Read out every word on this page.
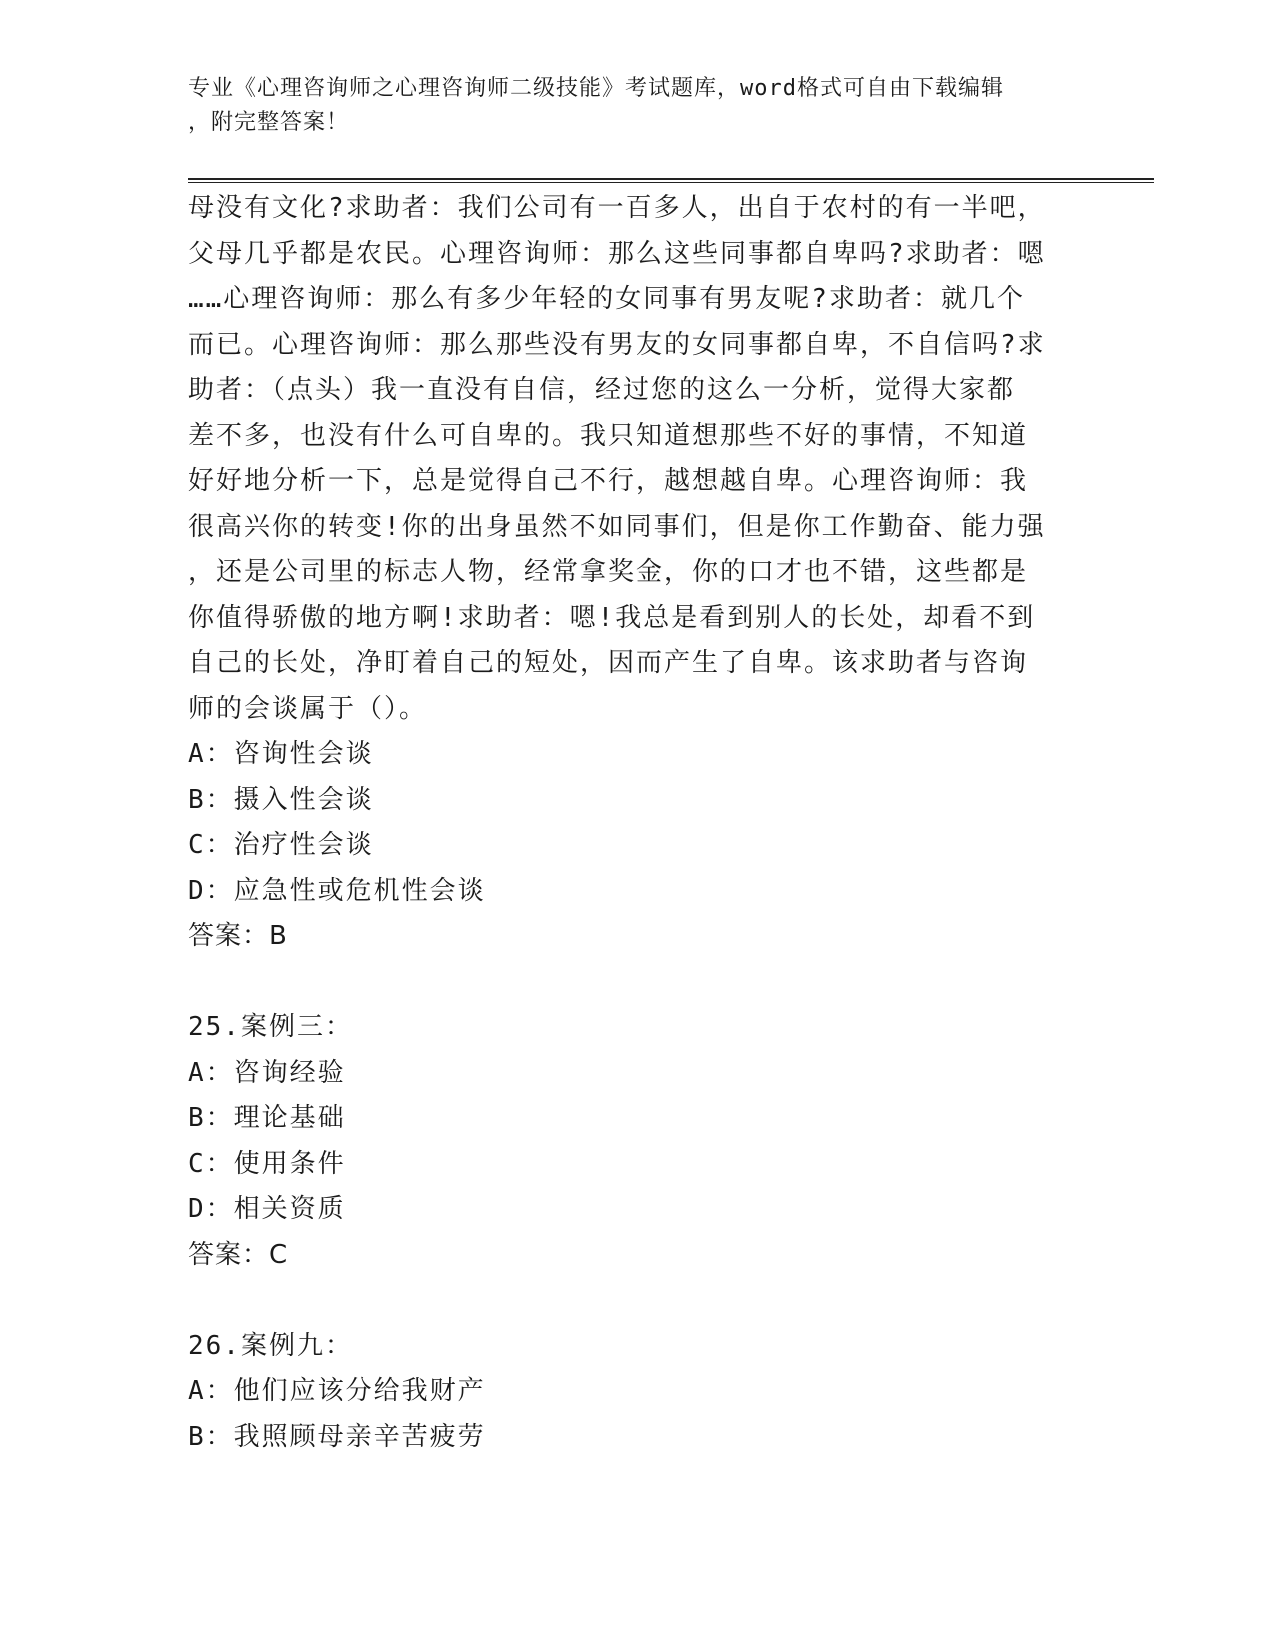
专业《心理咨询师之心理咨询师二级技能》考试题库，word格式可自由下载编辑
，附完整答案！
母没有文化?求助者：我们公司有一百多人，出自于农村的有一半吧，
父母几乎都是农民。心理咨询师：那么这些同事都自卑吗?求助者：嗯
……心理咨询师：那么有多少年轻的女同事有男友呢?求助者：就几个
而已。心理咨询师：那么那些没有男友的女同事都自卑，不自信吗?求
助者：（点头）我一直没有自信，经过您的这么一分析，觉得大家都
差不多，也没有什么可自卑的。我只知道想那些不好的事情，不知道
好好地分析一下，总是觉得自己不行，越想越自卑。心理咨询师：我
很高兴你的转变!你的出身虽然不如同事们，但是你工作勤奋、能力强
，还是公司里的标志人物，经常拿奖金，你的口才也不错，这些都是
你值得骄傲的地方啊!求助者：嗯!我总是看到别人的长处，却看不到
自己的长处，净盯着自己的短处，因而产生了自卑。该求助者与咨询
师的会谈属于（）。
A：咨询性会谈
B：摄入性会谈
C：治疗性会谈
D：应急性或危机性会谈
答案：B
25.案例三：
A：咨询经验
B：理论基础
C：使用条件
D：相关资质
答案：C
26.案例九：
A：他们应该分给我财产
B：我照顾母亲辛苦疲劳
